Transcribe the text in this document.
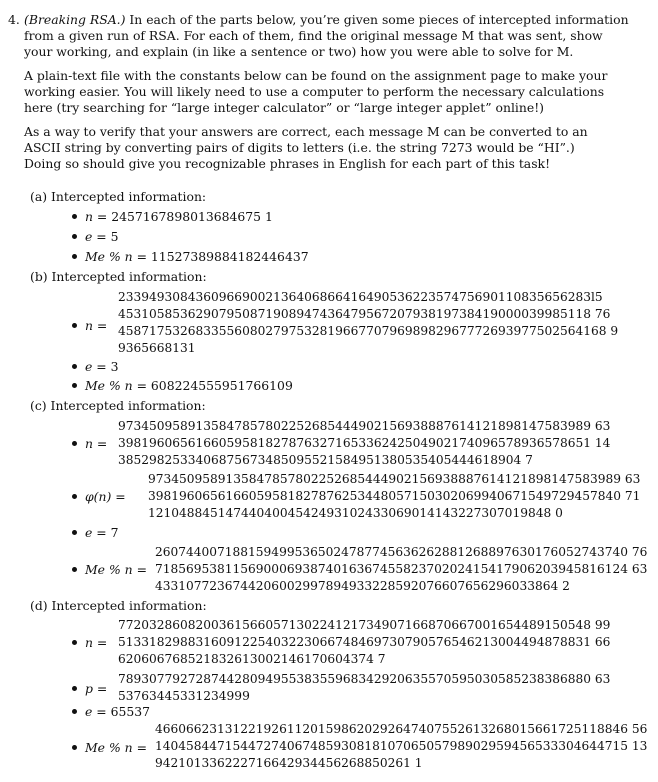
4. (Breaking RSA.) In each of the parts below, you’re given some pieces of intercepted information
from a given run of RSA. For each of them, find the original message M that was sent, show
your working, and explain (in like a sentence or two) how you were able to solve for M.
A plain-text file with the constants below can be found on the assignment page to make your
working easier. You will likely need to use a computer to perform the necessary calculations
here (try searching for “large integer calculator” or “large integer applet” online!)
As a way to verify that your answers are correct, each message M can be converted to an
ASCII string by converting pairs of digits to letters (i.e. the string 7273 would be “HI”.)
Doing so should give you recognizable phrases in English for each part of this task!
(a) Intercepted information:
n = 2457167898013684675 1
e = 5
Me % n = 11527389884182446437
(b) Intercepted information:
n =
2339493084360966900213640686641649053622357475690110835656283l5
4531058536290795087190894743647956720793819738419000039985118 76
458717532683355608027975328196677079698982967772693977502564168 9
9365668131
e = 3
Me % n = 608224555951766109
(c) Intercepted information:
n =
9734509589135847857802252685444902156938887614121898147583989 63
3981960656166059581827876327165336242504902174096578936578651 14
3852982533406875673485095521584951380535405444618904 7
φ(n) =
9734509589135847857802252685444902156938887614121898147583989 63
3981960656166059581827876253448057150302069940671549729457840 71
1210488451474404004542493102433069014143227307019848 0
e = 7
Me % n =
2607440071881594995365024787745636262881268897630176052743740 76
7185695381156900069387401636745582370202415417906203945816124 63
4331077236744206002997894933228592076607656296033864 2
(d) Intercepted information:
n =
7720328608200361566057130224121734907166870667001654489150548 99
5133182988316091225403223066748469730790576546213004494878831 66
620606768521832613002146170604374 7
p =
7893077927287442809495538355968342920635570595030585238386880 63
53763445331234999
e = 65537
Me % n =
4660662313122192611201598620292647407552613268015661725118846 56
1404584471544727406748593081810706505798902959456533304644715 13
942101336222716642934456268850261 1
